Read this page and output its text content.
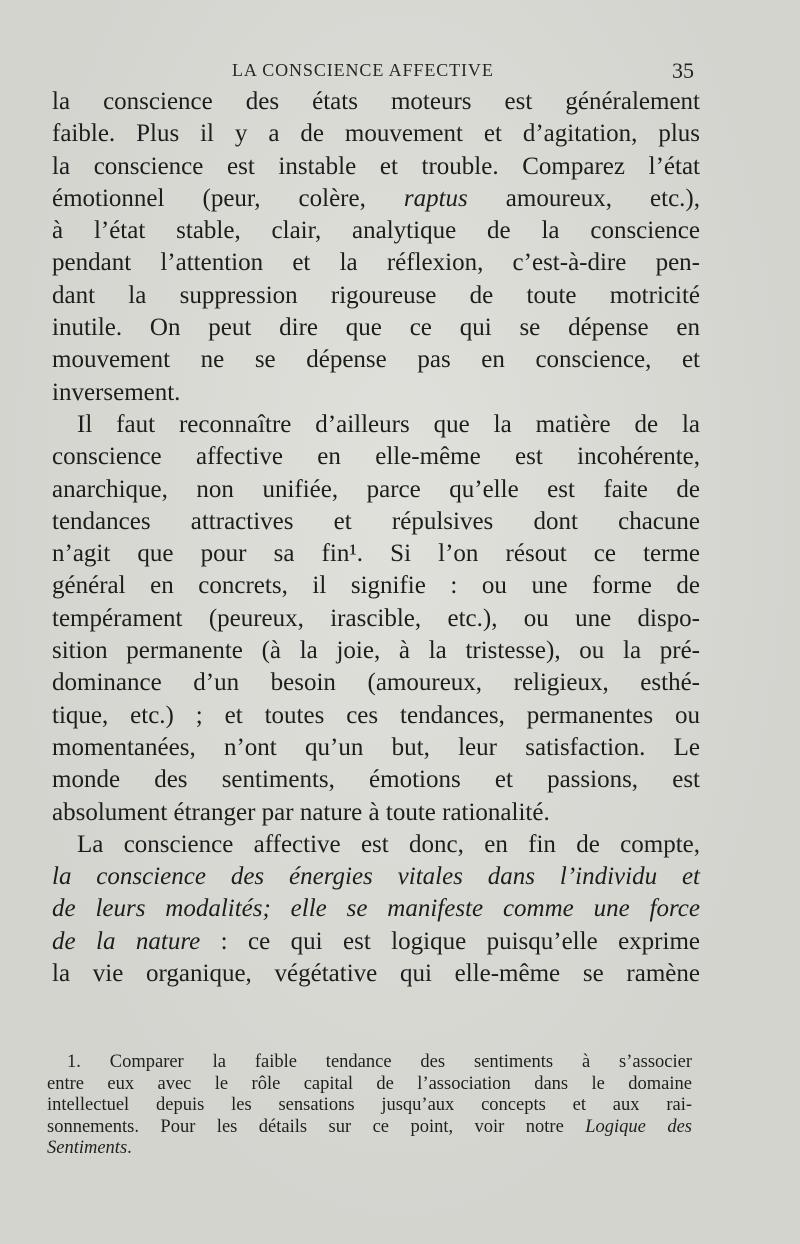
LA CONSCIENCE AFFECTIVE	35
la conscience des états moteurs est généralement
faible. Plus il y a de mouvement et d’agitation, plus
la conscience est instable et trouble. Comparez l’état
émotionnel (peur, colère, raptus amoureux, etc.),
à l’état stable, clair, analytique de la conscience
pendant l’attention et la réflexion, c’est-à-dire pen-
dant la suppression rigoureuse de toute motricité
inutile. On peut dire que ce qui se dépense en
mouvement ne se dépense pas en conscience, et
inversement.
Il faut reconnaître d’ailleurs que la matière de la
conscience affective en elle-même est incohérente,
anarchique, non unifiée, parce qu’elle est faite de
tendances attractives et répulsives dont chacune
n’agit que pour sa fin¹. Si l’on résout ce terme
général en concrets, il signifie : ou une forme de
tempérament (peureux, irascible, etc.), ou une dispo-
sition permanente (à la joie, à la tristesse), ou la pré-
dominance d’un besoin (amoureux, religieux, esthé-
tique, etc.) ; et toutes ces tendances, permanentes ou
momentanées, n’ont qu’un but, leur satisfaction. Le
monde des sentiments, émotions et passions, est
absolument étranger par nature à toute rationalité.
La conscience affective est donc, en fin de compte,
la conscience des énergies vitales dans l’individu et
de leurs modalités; elle se manifeste comme une force
de la nature : ce qui est logique puisqu’elle exprime
la vie organique, végétative qui elle-même se ramène
1. Comparer la faible tendance des sentiments à s’associer
entre eux avec le rôle capital de l’association dans le domaine
intellectuel depuis les sensations jusqu’aux concepts et aux rai-
sonnements. Pour les détails sur ce point, voir notre Logique des
Sentiments.
